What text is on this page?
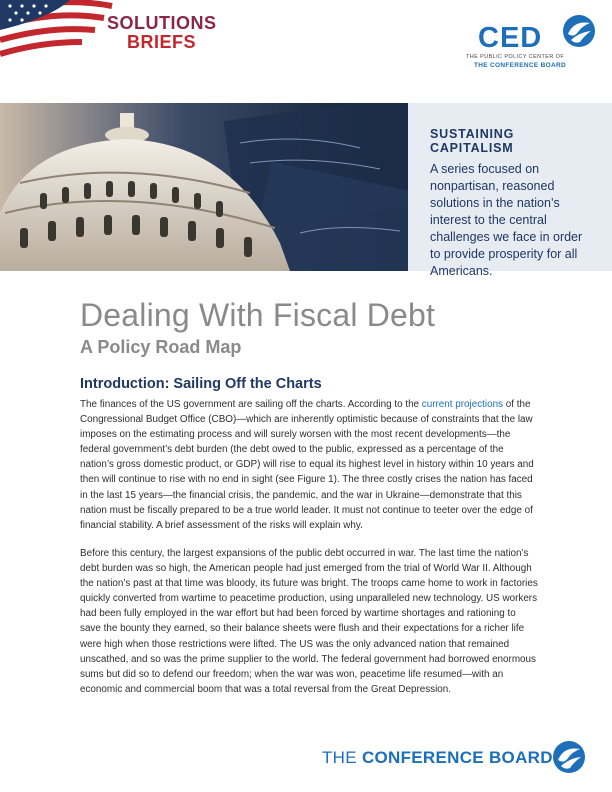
SOLUTIONS
BRIEFS	CED
THE PUBLIC POLICY CENTER OF
THE CONFERENCE BOARD
SUSTAINING CAPITALISM
A series focused on nonpartisan, reasoned solutions in the nation’s interest to the central challenges we face in order to provide prosperity for all Americans.
Dealing With Fiscal Debt
A Policy Road Map
Introduction: Sailing Off the Charts

The finances of the US government are sailing off the charts. According to the current projections of the Congressional Budget Office (CBO)—which are inherently optimistic because of constraints that the law imposes on the estimating process and will surely worsen with the most recent developments—the federal government’s debt burden (the debt owed to the public, expressed as a percentage of the nation’s gross domestic product, or GDP) will rise to equal its highest level in history within 10 years and then will continue to rise with no end in sight (see Figure 1). The three costly crises the nation has faced in the last 15 years—the financial crisis, the pandemic, and the war in Ukraine—demonstrate that this nation must be fiscally prepared to be a true world leader. It must not continue to teeter over the edge of financial stability. A brief assessment of the risks will explain why.

Before this century, the largest expansions of the public debt occurred in war. The last time the nation’s debt burden was so high, the American people had just emerged from the trial of World War II. Although the nation’s past at that time was bloody, its future was bright. The troops came home to work in factories quickly converted from wartime to peacetime production, using unparalleled new technology. US workers had been fully employed in the war effort but had been forced by wartime shortages and rationing to save the bounty they earned, so their balance sheets were flush and their expectations for a richer life were high when those restrictions were lifted. The US was the only advanced nation that remained unscathed, and so was the prime supplier to the world. The federal government had borrowed enormous sums but did so to defend our freedom; when the war was won, peacetime life resumed—with an economic and commercial boom that was a total reversal from the Great Depression.

THE CONFERENCE BOARD
